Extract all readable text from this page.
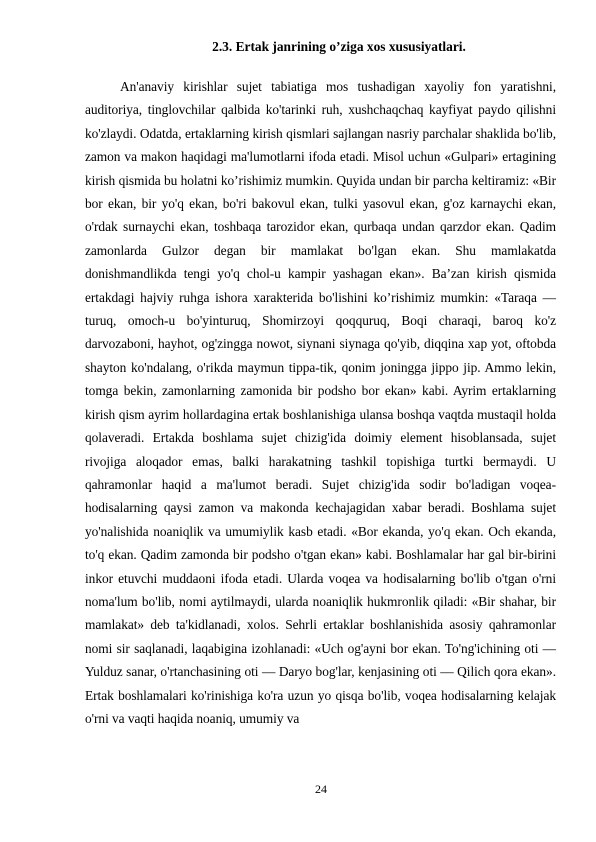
2.3. Ertak janrining o’ziga xos xususiyatlari.

An'anaviy kirishlar sujet tabiatiga mos tushadigan xayoliy fon yaratishni, auditoriya, tinglovchilar qalbida ko'tarinki ruh, xushchaqchaq kayfiyat paydo qilishni ko'zlaydi. Odatda, ertaklarning kirish qismlari sajlangan nasriy parchalar shaklida bo'lib, zamon va makon haqidagi ma'lumotlarni ifoda etadi. Misol uchun «Gulpari» ertagining kirish qismida bu holatni ko’rishimiz mumkin. Quyida undan bir parcha keltiramiz: «Bir bor ekan, bir yo'q ekan, bo'ri bakovul ekan, tulki yasovul ekan, g'oz karnaychi ekan, o'rdak surnaychi ekan, toshbaqa tarozidor ekan, qurbaqa undan qarzdor ekan. Qadim zamonlarda Gulzor degan bir mamlakat bo'lgan ekan. Shu mamlakatda donishmandlikda tengi yo'q chol-u kampir yashagan ekan». Ba’zan kirish qismida ertakdagi hajviy ruhga ishora xarakterida bo'lishini ko’rishimiz mumkin: «Taraqa —turuq, omoch-u bo'yinturuq, Shomirzoyi qoqquruq, Boqi charaqi, baroq ko'z darvozaboni, hayhot, og'zingga nowot, siynani siynaga qo'yib, diqqina xap yot, oftobda shayton ko'ndalang, o'rikda maymun tippa-tik, qonim joningga jippo jip. Ammo lekin, tomga bekin, zamonlarning zamonida bir podsho bor ekan» kabi. Ayrim ertaklarning kirish qism ayrim hollardagina ertak boshlanishiga ulansa boshqa vaqtda mustaqil holda qolaveradi. Ertakda boshlama sujet chizig'ida doimiy element hisoblansada, sujet rivojiga aloqador emas, balki harakatning tashkil topishiga turtki bermaydi. U qahramonlar haqid a ma'lumot beradi. Sujet chizig'ida sodir bo'ladigan voqea-hodisalarning qaysi zamon va makonda kechajagidan xabar beradi. Boshlama sujet yo'nalishida noaniqlik va umumiylik kasb etadi. «Bor ekanda, yo'q ekan. Och ekanda, to'q ekan. Qadim zamonda bir podsho o'tgan ekan» kabi. Boshlamalar har gal bir-birini inkor etuvchi muddaoni ifoda etadi. Ularda voqea va hodisalarning bo'lib o'tgan o'rni noma'lum bo'lib, nomi aytilmaydi, ularda noaniqlik hukmronlik qiladi: «Bir shahar, bir mamlakat» deb ta'kidlanadi, xolos. Sehrli ertaklar boshlanishida asosiy qahramonlar nomi sir saqlanadi, laqabigina izohlanadi: «Uch og'ayni bor ekan. To'ng'ichining oti — Yulduz sanar, o'rtanchasining oti — Daryo bog'lar, kenjasining oti — Qilich qora ekan». Ertak boshlamalari ko'rinishiga ko'ra uzun yo qisqa bo'lib, voqea hodisalarning kelajak o'rni va vaqti haqida noaniq, umumiy va

24
